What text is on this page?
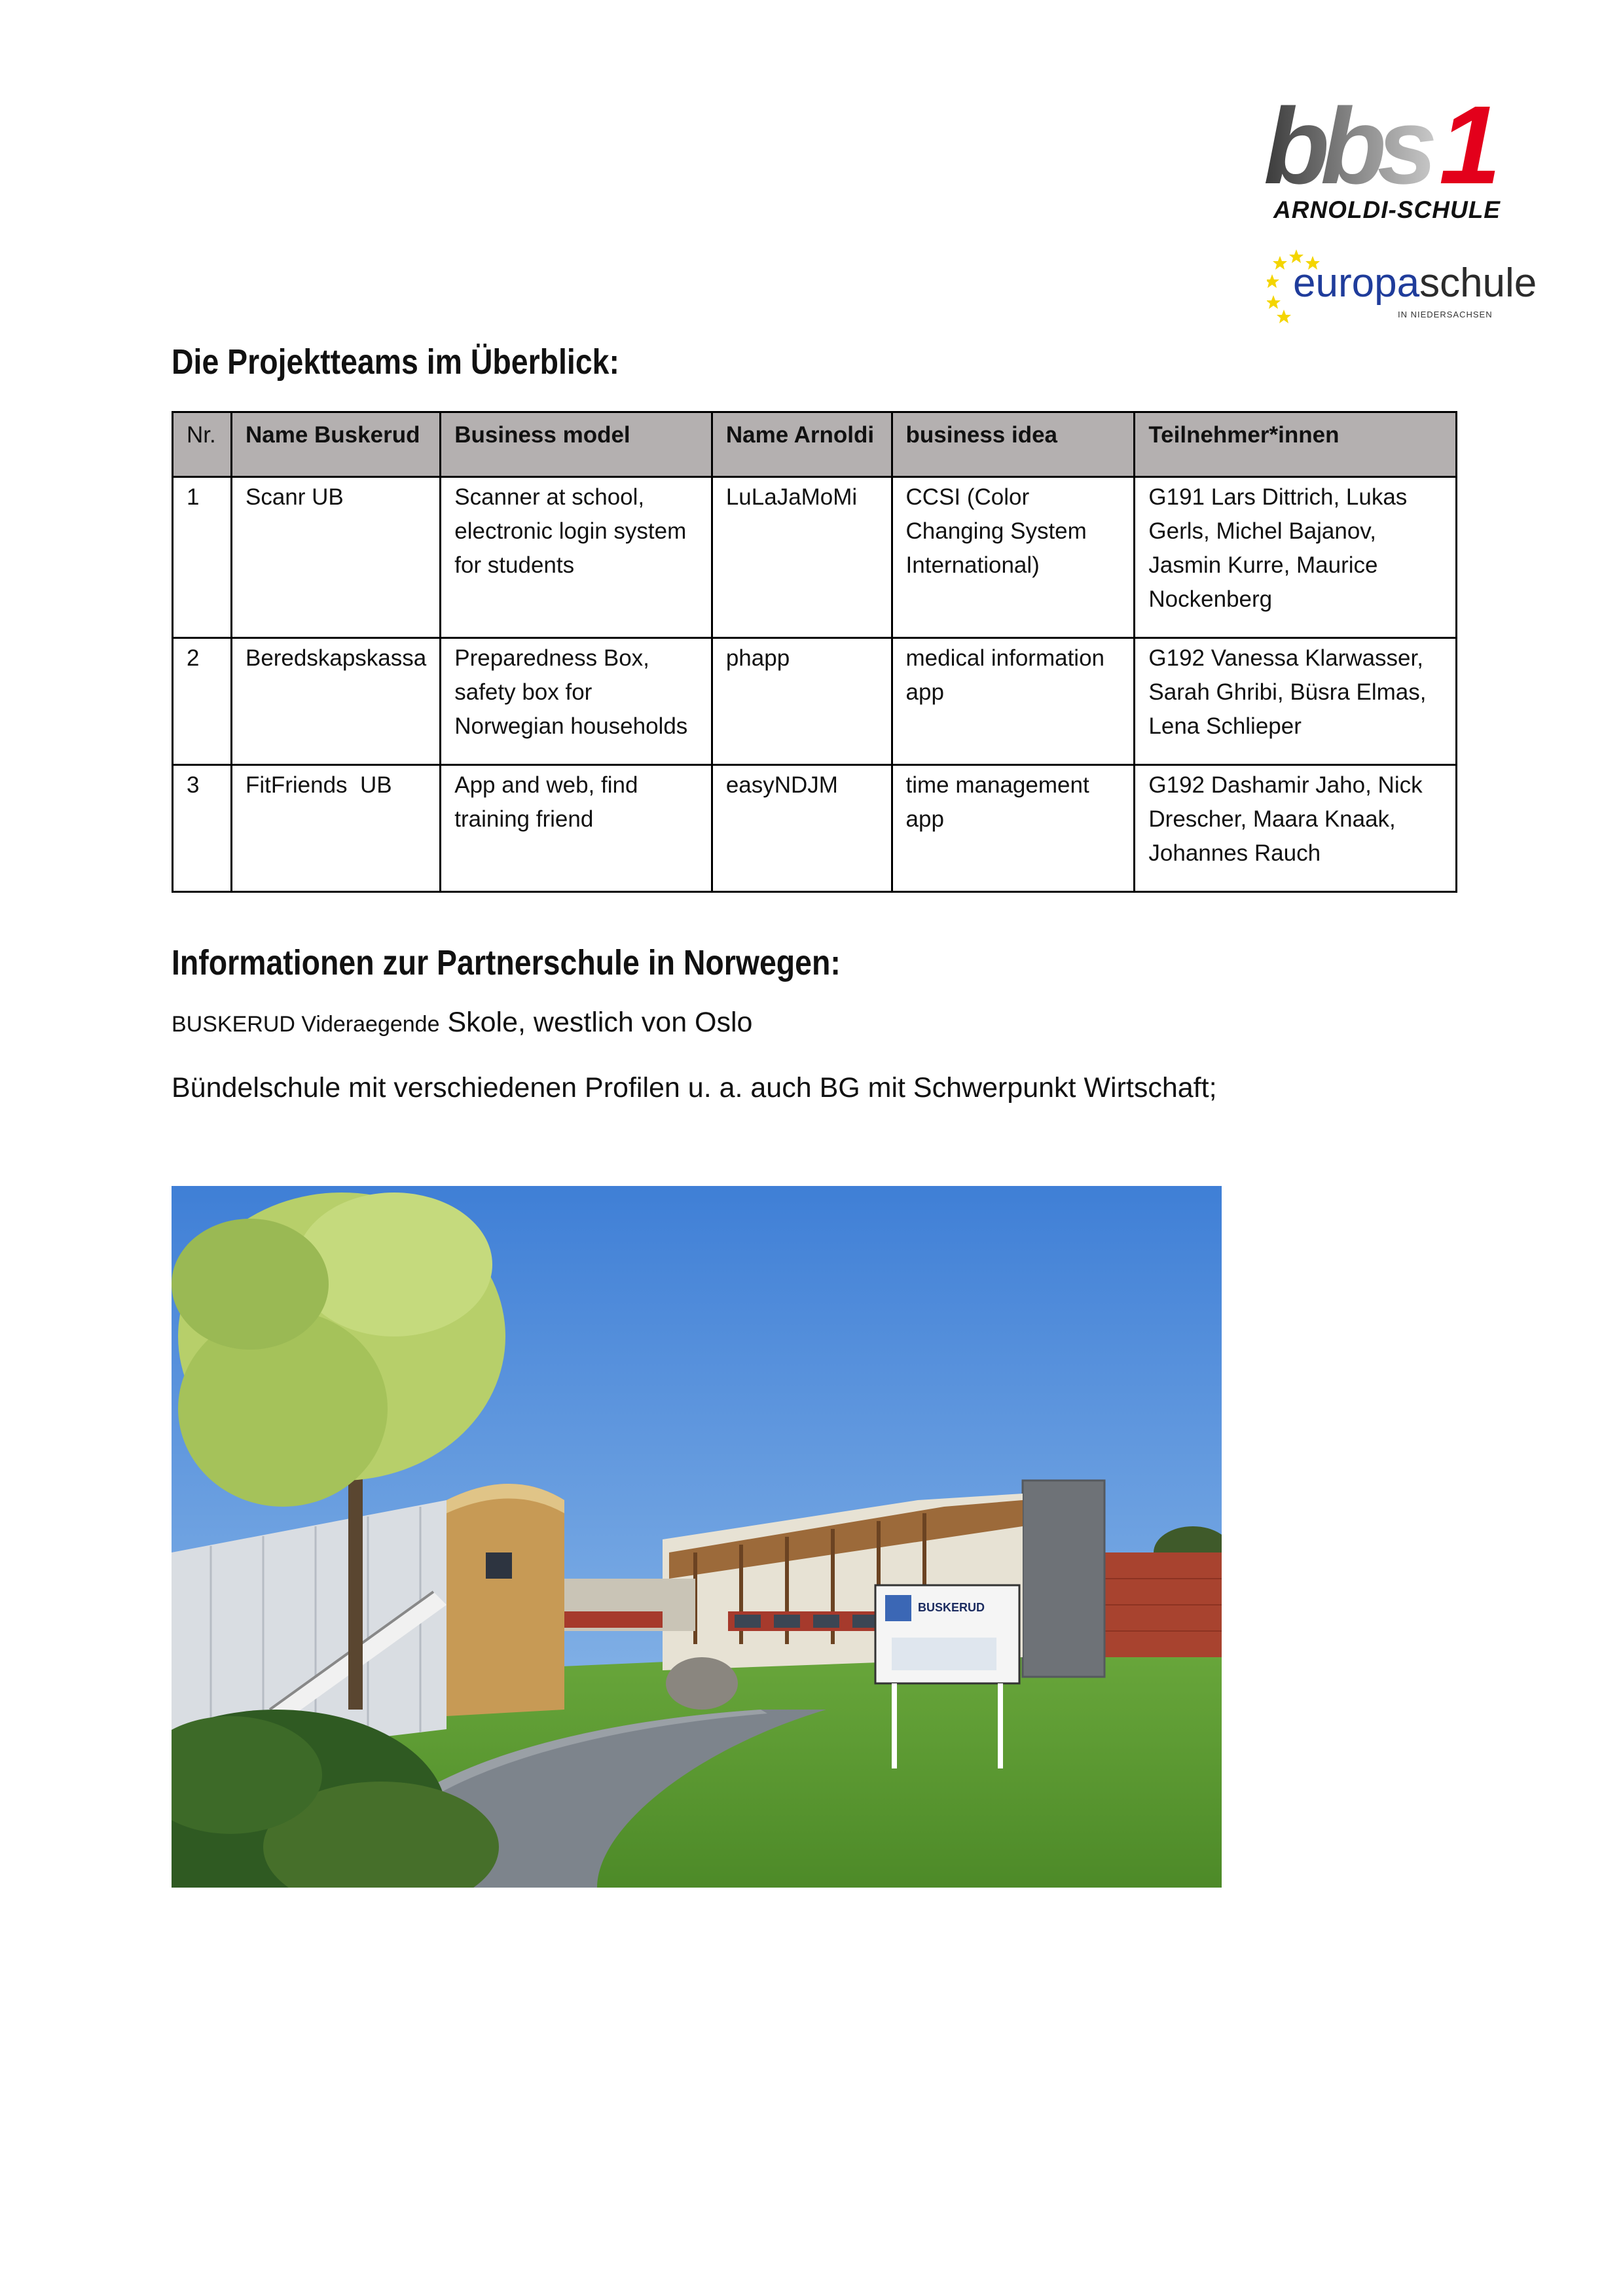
bbs 1
ARNOLDI-SCHULE
europaschule
IN NIEDERSACHSEN
Die Projektteams im Überblick:
Nr.	Name Buskerud	Business model	Name Arnoldi	business idea	Teilnehmer*innen
1	Scanr UB	Scanner at school,
electronic login system
for students	LuLaJaMoMi	CCSI (Color
Changing System
International)	G191 Lars Dittrich, Lukas
Gerls, Michel Bajanov,
Jasmin Kurre, Maurice
Nockenberg

2	Beredskapskassa	Preparedness Box,
safety box for
Norwegian households	phapp	medical information
app	G192 Vanessa Klarwasser,
Sarah Ghribi, Büsra Elmas,
Lena Schlieper

3	FitFriends  UB	App and web, find
training friend	easyNDJM	time management
app	G192 Dashamir Jaho, Nick
Drescher, Maara Knaak,
Johannes Rauch
Informationen zur Partnerschule in Norwegen:

BUSKERUD Videraegende Skole, westlich von Oslo

Bündelschule mit verschiedenen Profilen u. a. auch BG mit Schwerpunkt Wirtschaft;

BUSKERUD
